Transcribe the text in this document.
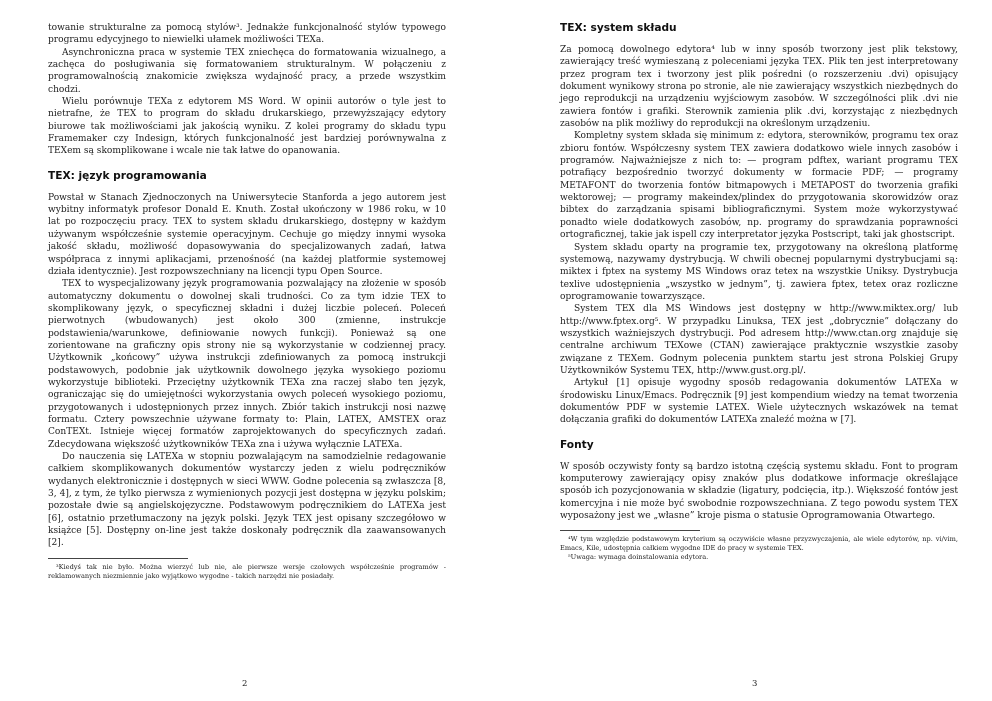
towanie strukturalne za pomocą stylów³. Jednakże funkcjonalność stylów typowego programu edycyjnego to niewielki ułamek możliwości TEXa.

Asynchroniczna praca w systemie TEX zniechęca do formatowania wizualnego, a zachęca do posługiwania się formatowaniem strukturalnym. W połączeniu z programowalnością znakomicie zwiększa wydajność pracy, a przede wszystkim chodzi.

Wielu porównuje TEXa z edytorem MS Word. W opinii autorów o tyle jest to nietrafne, że TEX to program do składu drukarskiego, przewyższający edytory biurowe tak możliwościami jak jakością wyniku. Z kolei programy do składu typu Framemaker czy Indesign, których funkcjonalność jest bardziej porównywalna z TEXem są skomplikowane i wcale nie tak łatwe do opanowania.

TEX: język programowania

Powstał w Stanach Zjednoczonych na Uniwersytecie Stanforda a jego autorem jest wybitny informatyk profesor Donald E. Knuth. Został ukończony w 1986 roku, w 10 lat po rozpoczęciu pracy. TEX to system składu drukarskiego, dostępny w każdym używanym współcześnie systemie operacyjnym. Cechuje go między innymi wysoka jakość składu, możliwość dopasowywania do specjalizowanych zadań, łatwa współpraca z innymi aplikacjami, przenośność (na każdej platformie systemowej działa identycznie). Jest rozpowszechniany na licencji typu Open Source.

TEX to wyspecjalizowany język programowania pozwalający na złożenie w sposób automatyczny dokumentu o dowolnej skali trudności. Co za tym idzie TEX to skomplikowany język, o specyficznej składni i dużej liczbie poleceń. Poleceń pierwotnych (wbudowanych) jest około 300 (zmienne, instrukcje podstawienia/warunkowe, definiowanie nowych funkcji). Ponieważ są one zorientowane na graficzny opis strony nie są wykorzystanie w codziennej pracy. Użytkownik „końcowy” używa instrukcji zdefiniowanych za pomocą instrukcji podstawowych, podobnie jak użytkownik dowolnego języka wysokiego poziomu wykorzystuje biblioteki. Przeciętny użytkownik TEXa zna raczej słabo ten język, ograniczając się do umiejętności wykorzystania owych poleceń wysokiego poziomu, przygotowanych i udostępnionych przez innych. Zbiór takich instrukcji nosi nazwę formatu. Cztery powszechnie używane formaty to: Plain, LATEX, AMSTEX oraz ConTEXt. Istnieje więcej formatów zaprojektowanych do specyficznych zadań. Zdecydowana większość użytkowników TEXa zna i używa wyłącznie LATEXa.

Do nauczenia się LATEXa w stopniu pozwalającym na samodzielnie redagowanie całkiem skomplikowanych dokumentów wystarczy jeden z wielu podręczników wydanych elektronicznie i dostępnych w sieci WWW. Godne polecenia są zwłaszcza [8, 3, 4], z tym, że tylko pierwsza z wymienionych pozycji jest dostępna w języku polskim; pozostałe dwie są angielskojęzyczne. Podstawowym podręcznikiem do LATEXa jest [6], ostatnio przetłumaczony na język polski. Język TEX jest opisany szczegółowo w książce [5]. Dostępny on-line jest także doskonały podręcznik dla zaawansowanych [2].

³Kiedyś tak nie było. Można wierzyć lub nie, ale pierwsze wersje czołowych współcześnie programów - reklamowanych niezmiennie jako wyjątkowo wygodne - takich narzędzi nie posiadały.

TEX: system składu

Za pomocą dowolnego edytora⁴ lub w inny sposób tworzony jest plik tekstowy, zawierający treść wymieszaną z poleceniami języka TEX. Plik ten jest interpretowany przez program tex i tworzony jest plik pośredni (o rozszerzeniu .dvi) opisujący dokument wynikowy strona po stronie, ale nie zawierający wszystkich niezbędnych do jego reprodukcji na urządzeniu wyjściowym zasobów. W szczególności plik .dvi nie zawiera fontów i grafiki. Sterownik zamienia plik .dvi, korzystając z niezbędnych zasobów na plik możliwy do reprodukcji na określonym urządzeniu.

Kompletny system składa się minimum z: edytora, sterowników, programu tex oraz zbioru fontów. Współczesny system TEX zawiera dodatkowo wiele innych zasobów i programów. Najważniejsze z nich to: — program pdftex, wariant programu TEX potrafiący bezpośrednio tworzyć dokumenty w formacie PDF; — programy METAFONT do tworzenia fontów bitmapowych i METAPOST do tworzenia grafiki wektorowej; — programy makeindex/plindex do przygotowania skorowidzów oraz bibtex do zarządzania spisami bibliograficznymi. System może wykorzystywać ponadto wiele dodatkowych zasobów, np. programy do sprawdzania poprawności ortograficznej, takie jak ispell czy interpretator języka Postscript, taki jak ghostscript.

System składu oparty na programie tex, przygotowany na określoną platformę systemową, nazywamy dystrybucją. W chwili obecnej popularnymi dystrybucjami są: miktex i fptex na systemy MS Windows oraz tetex na wszystkie Uniksy. Dystrybucja texlive udostępnienia „wszystko w jednym”, tj. zawiera fptex, tetex oraz rozliczne oprogramowanie towarzyszące.

System TEX dla MS Windows jest dostępny w http://www.miktex.org/ lub http://www.fptex.org⁵. W przypadku Linuksa, TEX jest „dobrycznie” dołączany do wszystkich ważniejszych dystrybucji. Pod adresem http://www.ctan.org znajduje się centralne archiwum TEXowe (CTAN) zawierające praktycznie wszystkie zasoby związane z TEXem. Godnym polecenia punktem startu jest strona Polskiej Grupy Użytkowników Systemu TEX, http://www.gust.org.pl/.

Artykuł [1] opisuje wygodny sposób redagowania dokumentów LATEXa w środowisku Linux/Emacs. Podręcznik [9] jest kompendium wiedzy na temat tworzenia dokumentów PDF w systemie LATEX. Wiele użytecznych wskazówek na temat dołączania grafiki do dokumentów LATEXa znaleźć można w [7].

Fonty

W sposób oczywisty fonty są bardzo istotną częścią systemu składu. Font to program komputerowy zawierający opisy znaków plus dodatkowe informacje określające sposób ich pozycjonowania w składzie (ligatury, podcięcia, itp.). Większość fontów jest komercyjna i nie może być swobodnie rozpowszechniana. Z tego powodu system TEX wyposażony jest we „własne” kroje pisma o statusie Oprogramowania Otwartego.

⁴W tym względzie podstawowym kryterium są oczywiście własne przyzwyczajenia, ale wiele edytorów, np. vi/vim, Emacs, Kile, udostępnia całkiem wygodne IDE do pracy w systemie TEX.

⁵Uwaga: wymaga doinstalowania edytora.

2	3
